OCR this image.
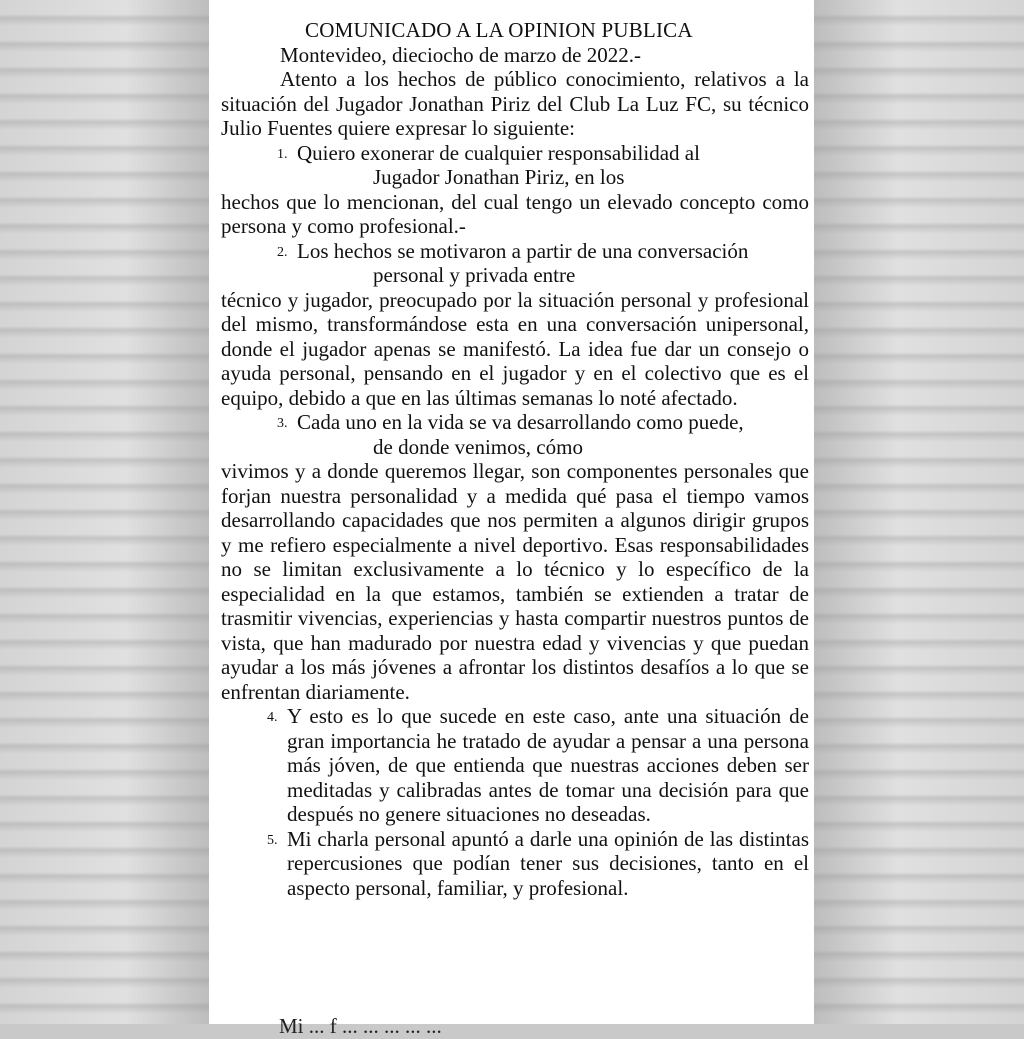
COMUNICADO A LA OPINION PUBLICA
Montevideo, dieciocho de marzo de 2022.-
Atento a los hechos de público conocimiento, relativos a la situación del Jugador Jonathan Piriz del Club La Luz FC, su técnico Julio Fuentes quiere expresar lo siguiente:
1. Quiero exonerar de cualquier responsabilidad al
Jugador Jonathan Piriz, en los
hechos que lo mencionan, del cual tengo un elevado concepto como persona y como profesional.-
2. Los hechos se motivaron a partir de una conversación
personal y privada entre
técnico y jugador, preocupado por la situación personal y profesional del mismo, transformándose esta en una conversación unipersonal, donde el jugador apenas se manifestó. La idea fue dar un consejo o ayuda personal, pensando en el jugador y en el colectivo que es el equipo, debido a que en las últimas semanas lo noté afectado.
3. Cada uno en la vida se va desarrollando como puede,
de donde venimos, cómo
vivimos y a donde queremos llegar, son componentes personales que forjan nuestra personalidad y a medida qué pasa el tiempo vamos desarrollando capacidades que nos permiten a algunos dirigir grupos y me refiero especialmente a nivel deportivo. Esas responsabilidades no se limitan exclusivamente a lo técnico y lo específico de la especialidad en la que estamos, también se extienden a tratar de trasmitir vivencias, experiencias y hasta compartir nuestros puntos de vista, que han madurado por nuestra edad y vivencias y que puedan ayudar a los más jóvenes a afrontar los distintos desafíos a lo que se enfrentan diariamente.
4. Y esto es lo que sucede en este caso, ante una situación de gran importancia he tratado de ayudar a pensar a una persona más jóven, de que entienda que nuestras acciones deben ser meditadas y calibradas antes de tomar una decisión para que después no genere situaciones no deseadas.
5. Mi charla personal apuntó a darle una opinión de las distintas repercusiones que podían tener sus decisiones, tanto en el aspecto personal, familiar, y profesional.
Mi ... f ... ... ... ... ...
